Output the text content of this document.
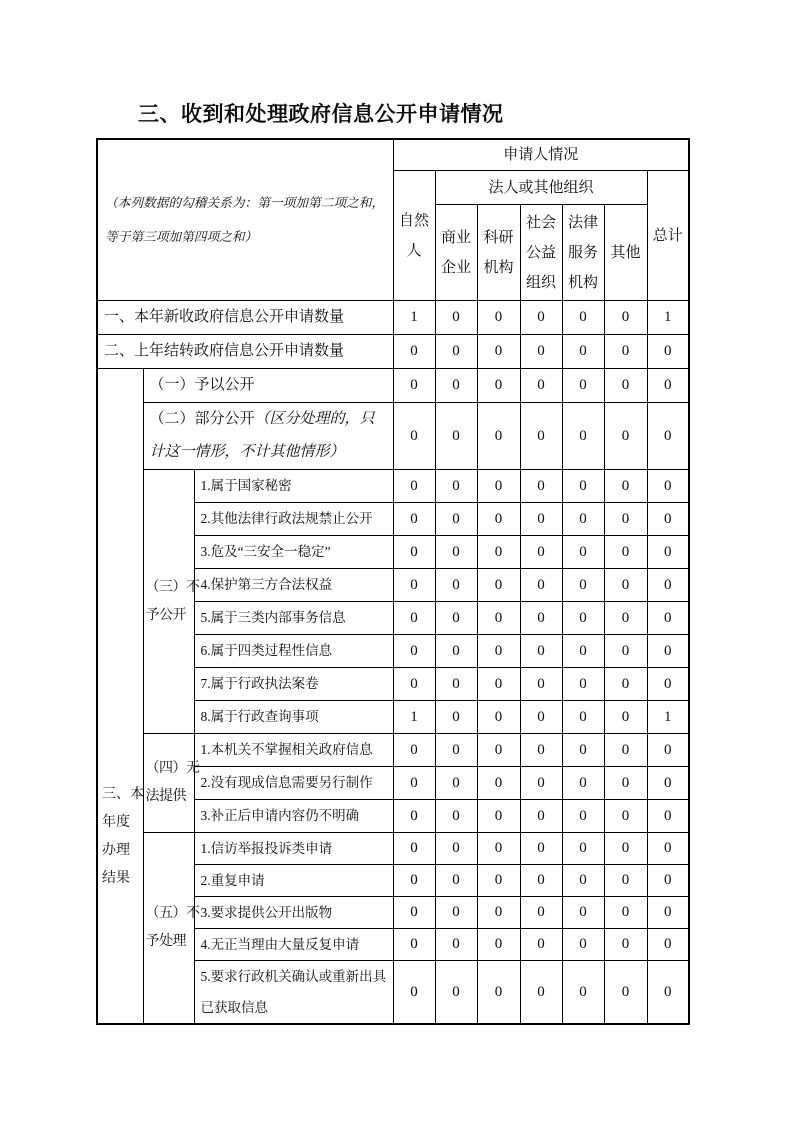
三、收到和处理政府信息公开申请情况
（本列数据的勾稽关系为：第一项加第二项之和，
等于第三项加第四项之和）			申请人情况						
			自然人	法人或其他组织					总计
				商业企业	科研机构	社会公益组织	法律服务机构	其他	
一、本年新收政府信息公开申请数量			1	0	0	0	0	0	1
二、上年结转政府信息公开申请数量			0	0	0	0	0	0	0

三、本
年度
办理
结果	（一）予以公开		0	0	0	0	0	0	0
	（二）部分公开（区分处理的，只计这一情形，不计其他情形）		0	0	0	0	0	0	0

	（三）不
予公开	1.属于国家秘密	0	0	0	0	0	0	0
		2.其他法律行政法规禁止公开	0	0	0	0	0	0	0
		3.危及“三安全一稳定”	0	0	0	0	0	0	0
		4.保护第三方合法权益	0	0	0	0	0	0	0
		5.属于三类内部事务信息	0	0	0	0	0	0	0
		6.属于四类过程性信息	0	0	0	0	0	0	0
		7.属于行政执法案卷	0	0	0	0	0	0	0
		8.属于行政查询事项	1	0	0	0	0	0	1

	（四）无
法提供	1.本机关不掌握相关政府信息	0	0	0	0	0	0	0
		2.没有现成信息需要另行制作	0	0	0	0	0	0	0
		3.补正后申请内容仍不明确	0	0	0	0	0	0	0

	（五）不
予处理	1.信访举报投诉类申请	0	0	0	0	0	0	0
		2.重复申请	0	0	0	0	0	0	0
		3.要求提供公开出版物	0	0	0	0	0	0	0
		4.无正当理由大量反复申请	0	0	0	0	0	0	0
		5.要求行政机关确认或重新出具已获取信息	0	0	0	0	0	0	0
